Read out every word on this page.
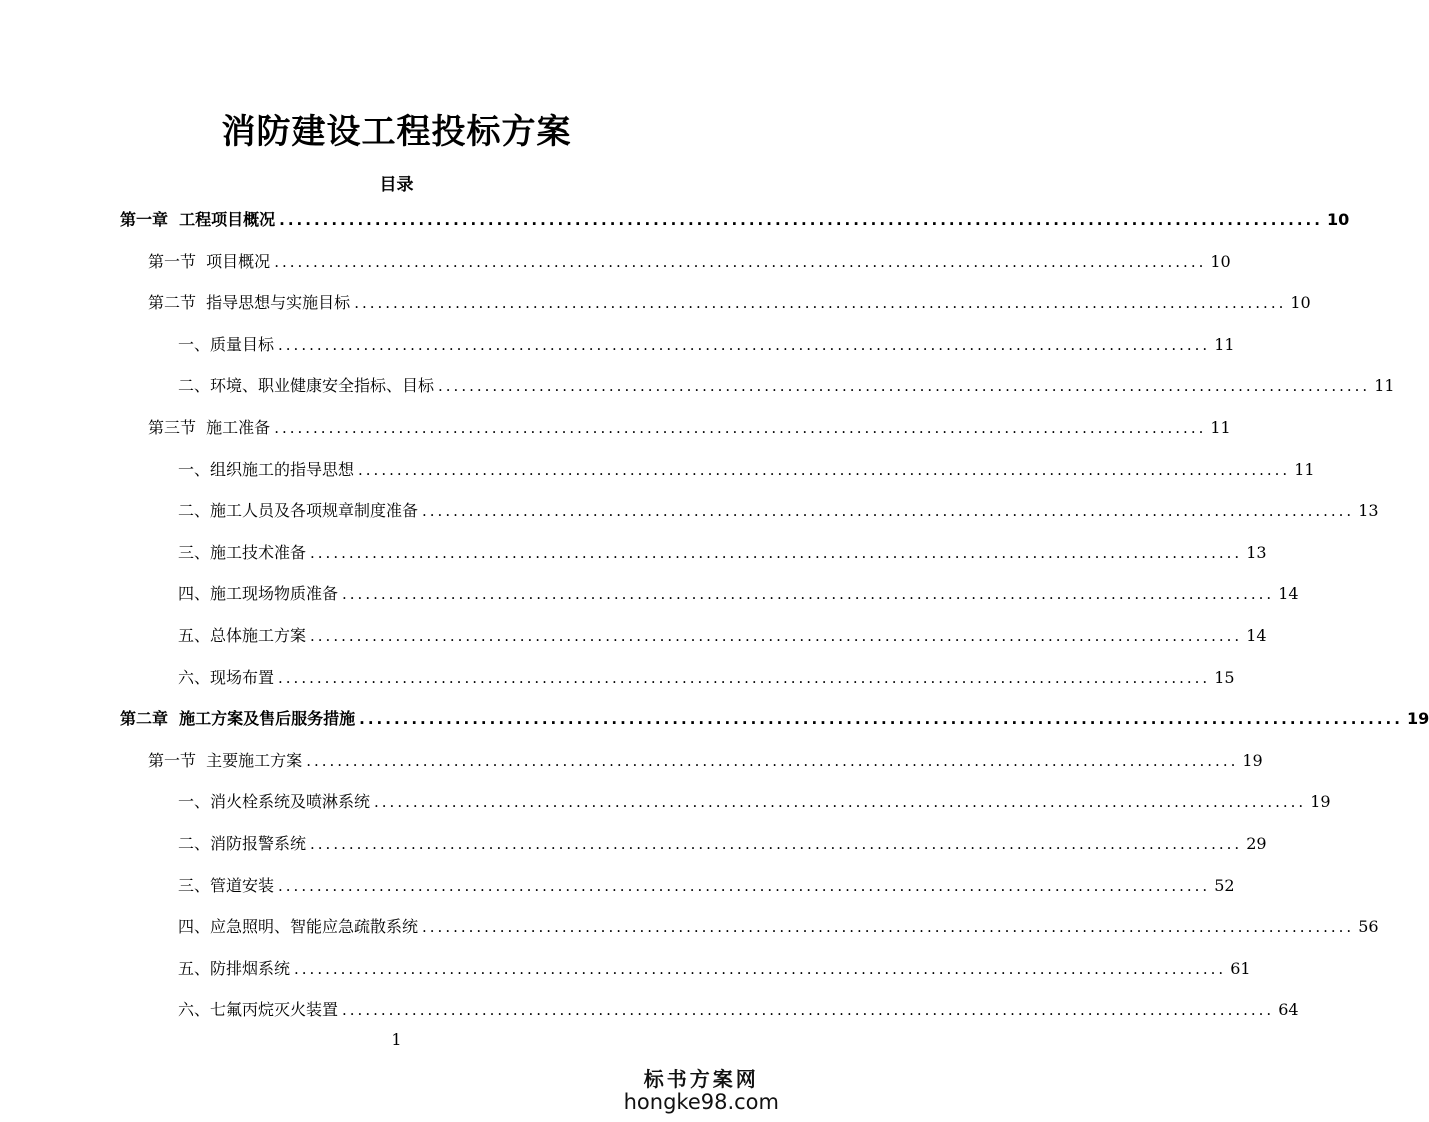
消防建设工程投标方案
目录
第一章  工程项目概况 ........................................................................................................................ 10
第一节  项目概况 ........................................................................................................................ 10
第二节  指导思想与实施目标 ........................................................................................................................ 10
一、质量目标 ........................................................................................................................ 11
二、环境、职业健康安全指标、目标 ........................................................................................................................ 11
第三节  施工准备 ........................................................................................................................ 11
一、组织施工的指导思想 ........................................................................................................................ 11
二、施工人员及各项规章制度准备 ........................................................................................................................ 13
三、施工技术准备 ........................................................................................................................ 13
四、施工现场物质准备 ........................................................................................................................ 14
五、总体施工方案 ........................................................................................................................ 14
六、现场布置 ........................................................................................................................ 15
第二章  施工方案及售后服务措施 ........................................................................................................................ 19
第一节  主要施工方案 ........................................................................................................................ 19
一、消火栓系统及喷淋系统 ........................................................................................................................ 19
二、消防报警系统 ........................................................................................................................ 29
三、管道安装 ........................................................................................................................ 52
四、应急照明、智能应急疏散系统 ........................................................................................................................ 56
五、防排烟系统 ........................................................................................................................ 61
六、七氟丙烷灭火装置 ........................................................................................................................ 64
1
标书方案网
hongke98.com
